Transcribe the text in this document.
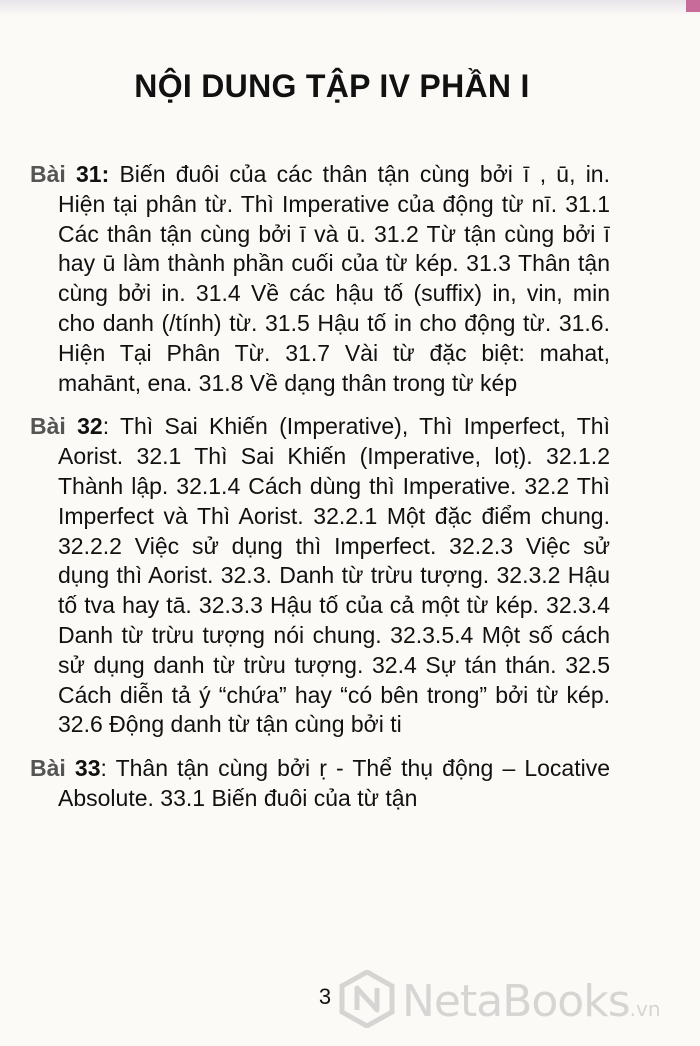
NỘI DUNG TẬP IV PHẦN I

Bài 31: Biến đuôi của các thân tận cùng bởi ī , ū, in. Hiện tại phân từ. Thì Imperative của động từ nī. 31.1 Các thân tận cùng bởi ī và ū. 31.2 Từ tận cùng bởi ī hay ū làm thành phần cuối của từ kép. 31.3 Thân tận cùng bởi in. 31.4 Về các hậu tố (suffix) in, vin, min cho danh (/tính) từ. 31.5 Hậu tố in cho động từ. 31.6. Hiện Tại Phân Từ. 31.7 Vài từ đặc biệt: mahat, mahānt, ena. 31.8 Về dạng thân trong từ kép

Bài 32: Thì Sai Khiến (Imperative), Thì Imperfect, Thì Aorist. 32.1 Thì Sai Khiến (Imperative, loṭ). 32.1.2 Thành lập. 32.1.4 Cách dùng thì Imperative. 32.2 Thì Imperfect và Thì Aorist. 32.2.1 Một đặc điểm chung. 32.2.2 Việc sử dụng thì Imperfect. 32.2.3 Việc sử dụng thì Aorist. 32.3. Danh từ trừu tượng. 32.3.2 Hậu tố tva hay tā. 32.3.3 Hậu tố của cả một từ kép. 32.3.4 Danh từ trừu tượng nói chung. 32.3.5.4 Một số cách sử dụng danh từ trừu tượng. 32.4 Sự tán thán. 32.5 Cách diễn tả ý “chứa” hay “có bên trong” bởi từ kép. 32.6 Động danh từ tận cùng bởi ti

Bài 33: Thân tận cùng bởi ṛ - Thể thụ động – Locative Absolute. 33.1 Biến đuôi của từ tận

3 NetaBooks.vn
